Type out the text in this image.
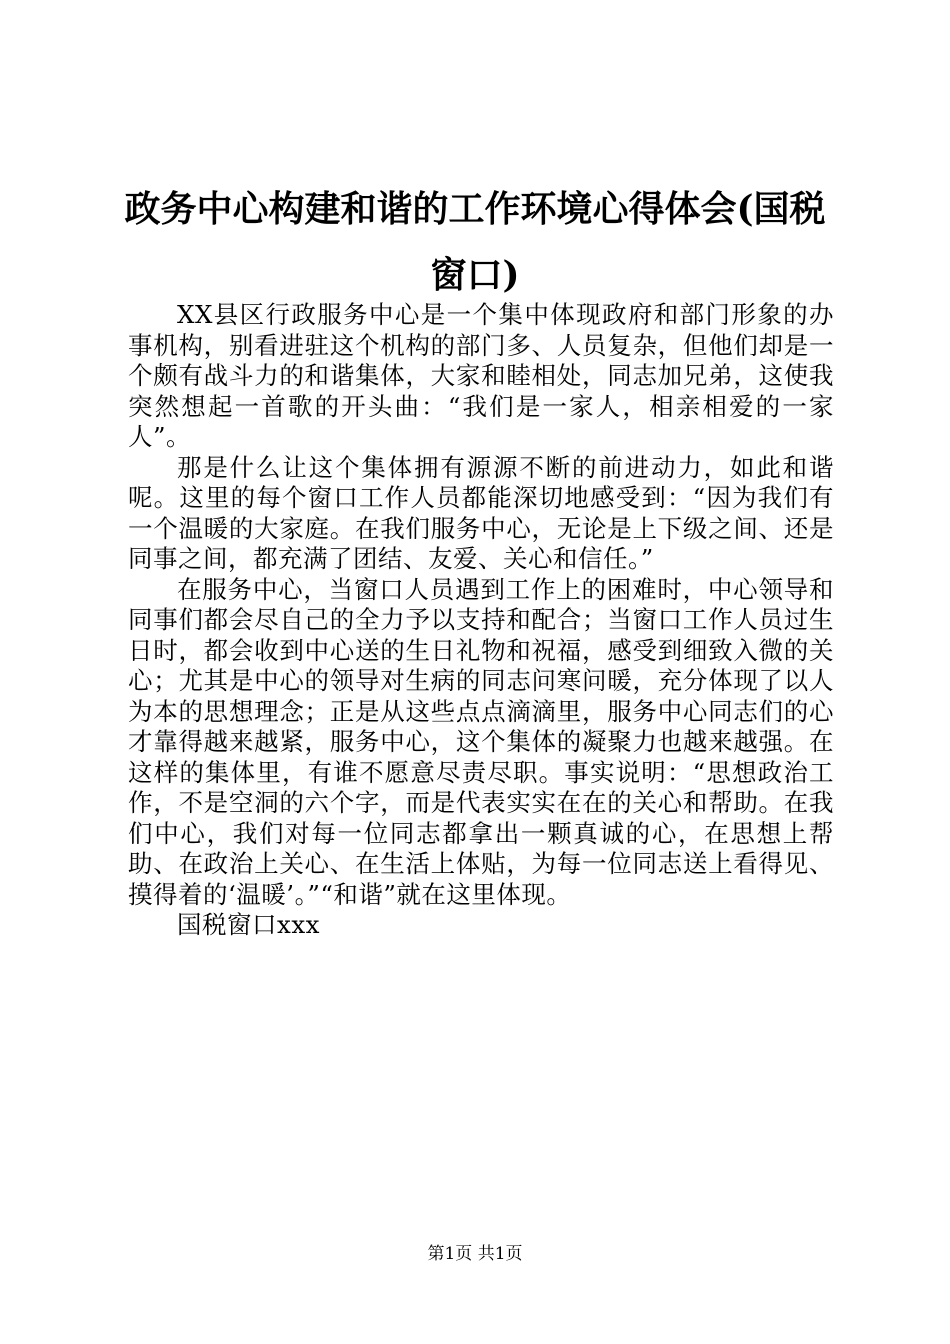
政务中心构建和谐的工作环境心得体会(国税窗口)

XX县区行政服务中心是一个集中体现政府和部门形象的办事机构，别看进驻这个机构的部门多、人员复杂，但他们却是一个颇有战斗力的和谐集体，大家和睦相处，同志加兄弟，这使我突然想起一首歌的开头曲：“我们是一家人，相亲相爱的一家人”。

那是什么让这个集体拥有源源不断的前进动力，如此和谐呢。这里的每个窗口工作人员都能深切地感受到：“因为我们有一个温暖的大家庭。在我们服务中心，无论是上下级之间、还是同事之间，都充满了团结、友爱、关心和信任。”

在服务中心，当窗口人员遇到工作上的困难时，中心领导和同事们都会尽自己的全力予以支持和配合；当窗口工作人员过生日时，都会收到中心送的生日礼物和祝福，感受到细致入微的关心；尤其是中心的领导对生病的同志问寒问暖，充分体现了以人为本的思想理念；正是从这些点点滴滴里，服务中心同志们的心才靠得越来越紧，服务中心，这个集体的凝聚力也越来越强。在这样的集体里，有谁不愿意尽责尽职。事实说明：“思想政治工作，不是空洞的六个字，而是代表实实在在的关心和帮助。在我们中心，我们对每一位同志都拿出一颗真诚的心，在思想上帮助、在政治上关心、在生活上体贴，为每一位同志送上看得见、摸得着的‘温暖’。”“和谐”就在这里体现。

国税窗口xxx

第1页 共1页
